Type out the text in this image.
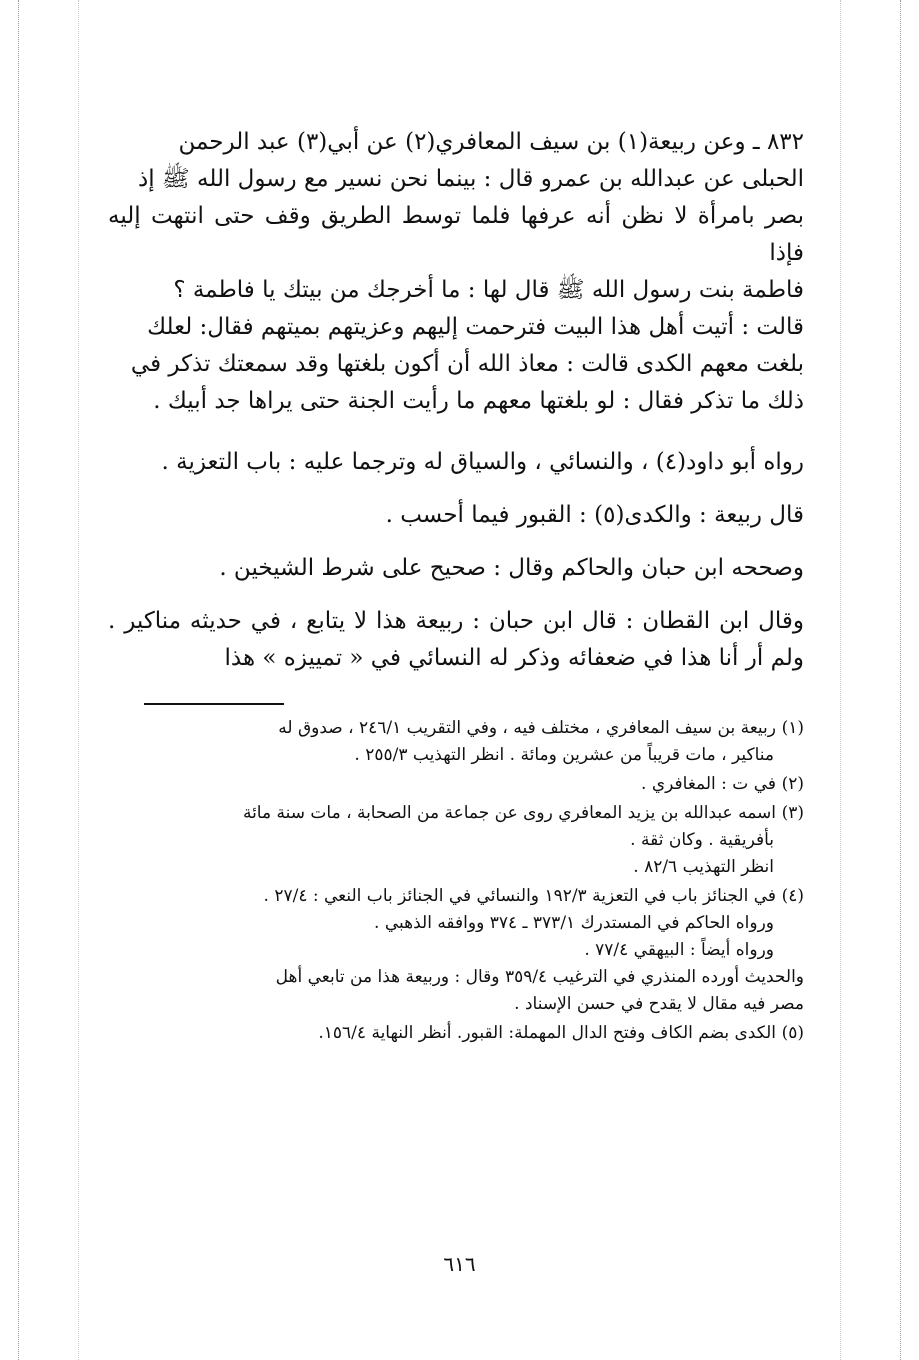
٨٣٢ ـ وعن ربيعة(١) بن سيف المعافري(٢) عن أبي(٣) عبد الرحمن

الحبلى عن عبدالله بن عمرو قال : بينما نحن نسير مع رسول الله ﷺ إذ

بصر بامرأة لا نظن أنه عرفها فلما توسط الطريق وقف حتى انتهت إليه فإذا

فاطمة بنت رسول الله ﷺ قال لها : ما أخرجك من بيتك يا فاطمة ؟

قالت : أتيت أهل هذا البيت فترحمت إليهم وعزيتهم بميتهم فقال: لعلك

بلغت معهم الكدى قالت : معاذ الله أن أكون بلغتها وقد سمعتك تذكر في

ذلك ما تذكر فقال : لو بلغتها معهم ما رأيت الجنة حتى يراها جد أبيك .

رواه أبو داود(٤) ، والنسائي ، والسياق له وترجما عليه : باب التعزية .

قال ربيعة : والكدى(٥) : القبور فيما أحسب .

وصححه ابن حبان والحاكم وقال : صحيح على شرط الشيخين .

وقال ابن القطان : قال ابن حبان : ربيعة هذا لا يتابع ، في حديثه مناكير . ولم أر أنا هذا في ضعفائه وذكر له النسائي في « تمييزه » هذا

(١)ربيعة بن سيف المعافري ، مختلف فيه ، وفي التقريب ٢٤٦/١ ، صدوق له

مناكير ، مات قريباً من عشرين ومائة . انظر التهذيب ٢٥٥/٣ .

(٢)في ت : المغافري .

(٣)اسمه عبدالله بن يزيد المعافري روى عن جماعة من الصحابة ، مات سنة مائة

بأفريقية . وكان ثقة .

انظر التهذيب ٨٢/٦ .

(٤)في الجنائز باب في التعزية ١٩٢/٣ والنسائي في الجنائز باب النعي : ٢٧/٤ .

ورواه الحاكم في المستدرك ٣٧٣/١ ـ ٣٧٤ ووافقه الذهبي .

ورواه أيضاً : البيهقي ٧٧/٤ .

والحديث أورده المنذري في الترغيب ٣٥٩/٤ وقال : وربيعة هذا من تابعي أهل

مصر فيه مقال لا يقدح في حسن الإسناد .

(٥)الكدى بضم الكاف وفتح الدال المهملة: القبور. أنظر النهاية ١٥٦/٤.

٦١٦
